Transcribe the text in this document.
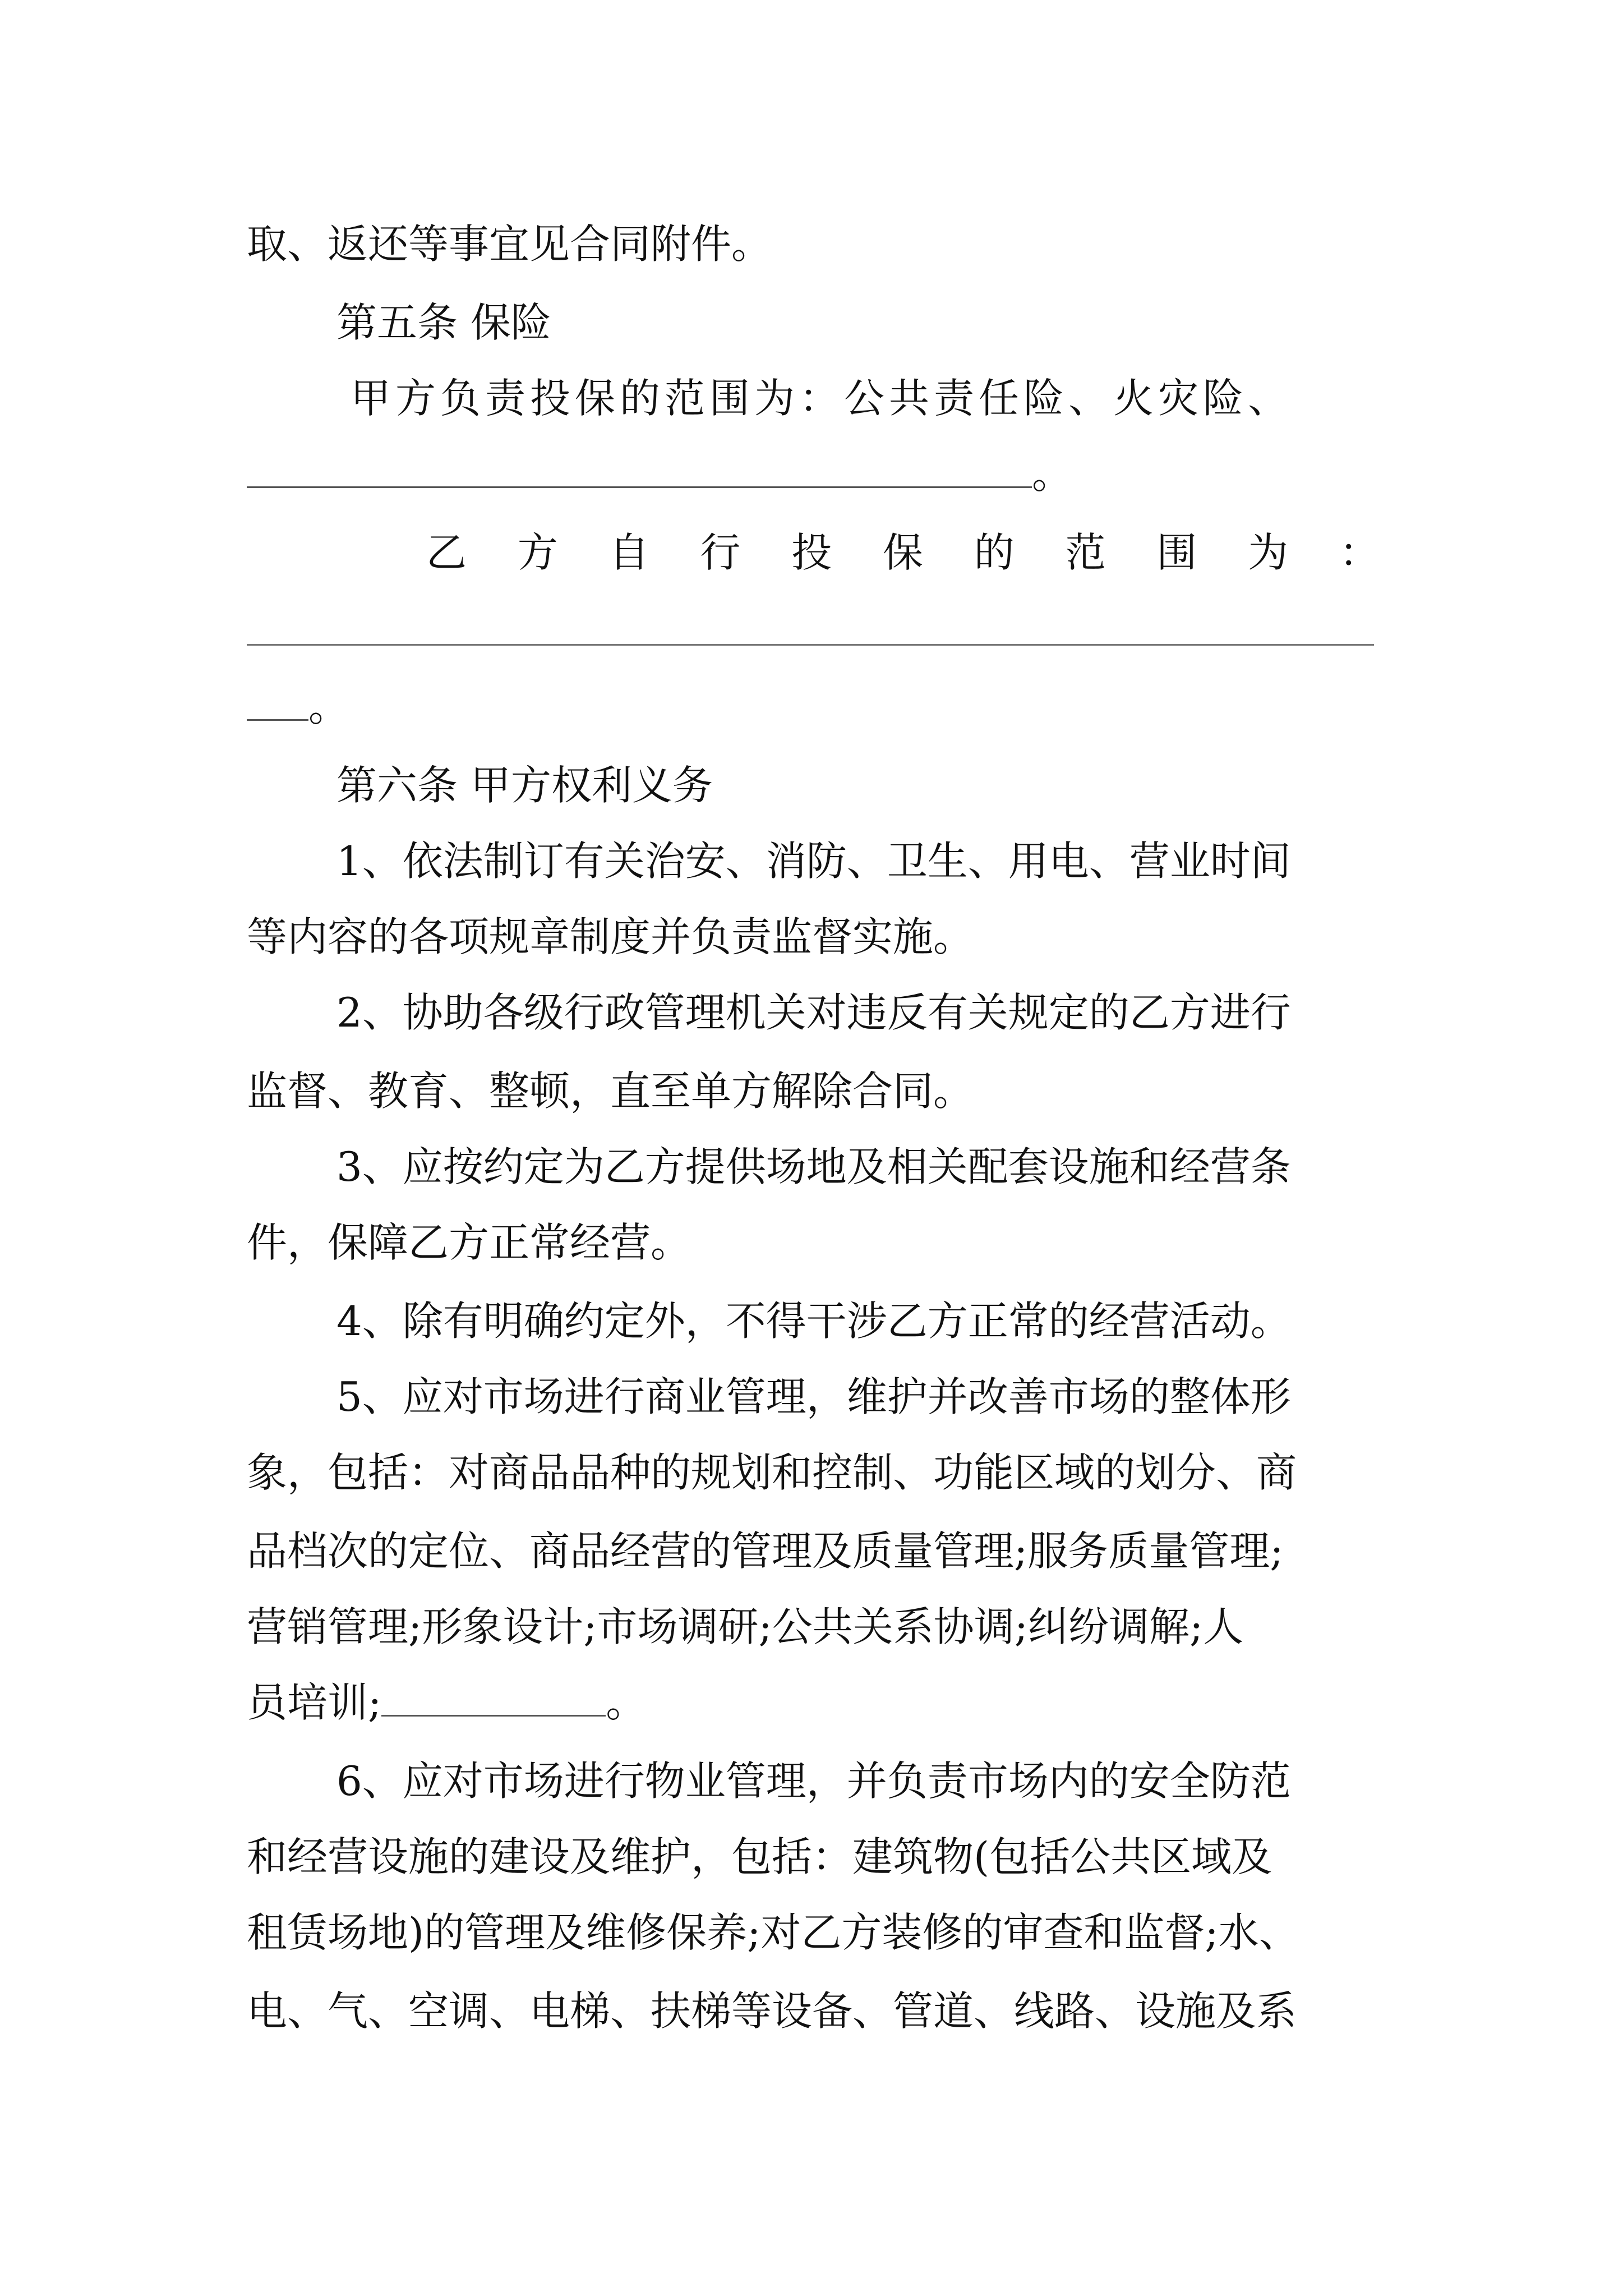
取、返还等事宜见合同附件。
第五条 保险
甲方负责投保的范围为：公共责任险、火灾险、
。
乙 方 自 行 投 保 的 范 围 为 ：
。
第六条 甲方权利义务
1、依法制订有关治安、消防、卫生、用电、营业时间
等内容的各项规章制度并负责监督实施。
2、协助各级行政管理机关对违反有关规定的乙方进行
监督、教育、整顿，直至单方解除合同。
3、应按约定为乙方提供场地及相关配套设施和经营条
件，保障乙方正常经营。
4、除有明确约定外，不得干涉乙方正常的经营活动。
5、应对市场进行商业管理，维护并改善市场的整体形
象，包括：对商品品种的规划和控制、功能区域的划分、商
品档次的定位、商品经营的管理及质量管理;服务质量管理;
营销管理;形象设计;市场调研;公共关系协调;纠纷调解;人
员培训;	。
6、应对市场进行物业管理，并负责市场内的安全防范
和经营设施的建设及维护，包括：建筑物(包括公共区域及
租赁场地)的管理及维修保养;对乙方装修的审查和监督;水、
电、气、空调、电梯、扶梯等设备、管道、线路、设施及系
